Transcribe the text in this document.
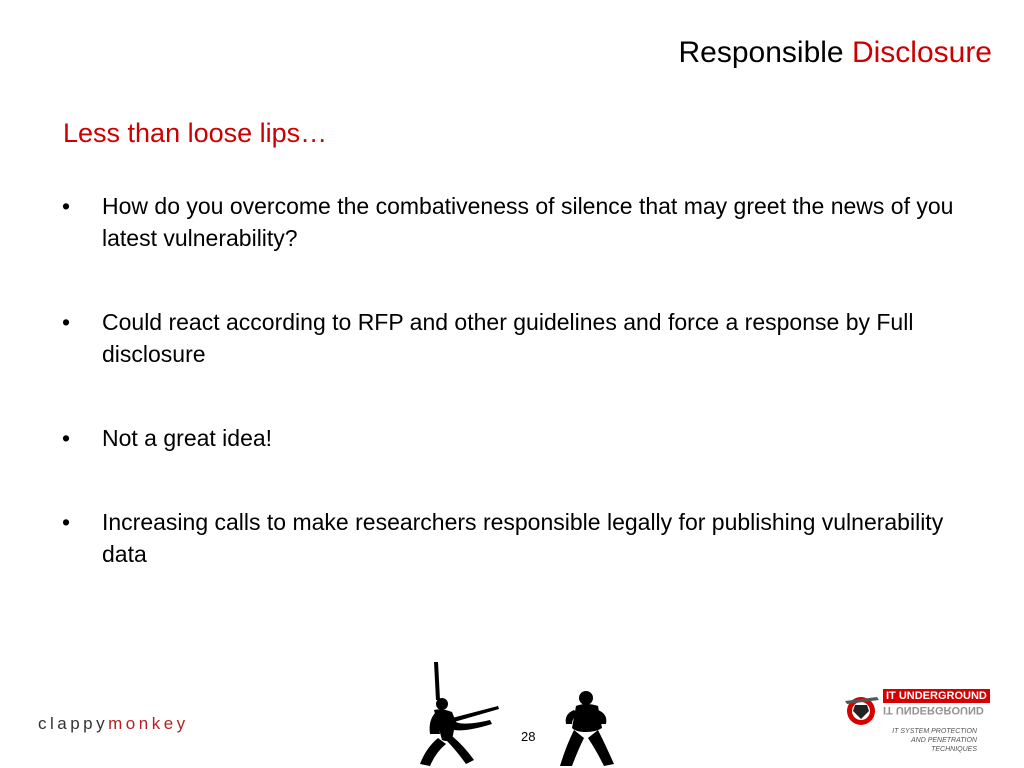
Responsible Disclosure
Less than loose lips…
•	How do you overcome the combativeness of silence that may greet the news of you latest vulnerability?
•	Could react according to RFP and other guidelines and force a response by Full disclosure
•	Not a great idea!
•	Increasing calls to make researchers responsible legally for publishing vulnerability data
clappymonkey
28
IT UNDERGROUND
IT UNDERGROUND
IT SYSTEM PROTECTION AND PENETRATION TECHNIQUES
